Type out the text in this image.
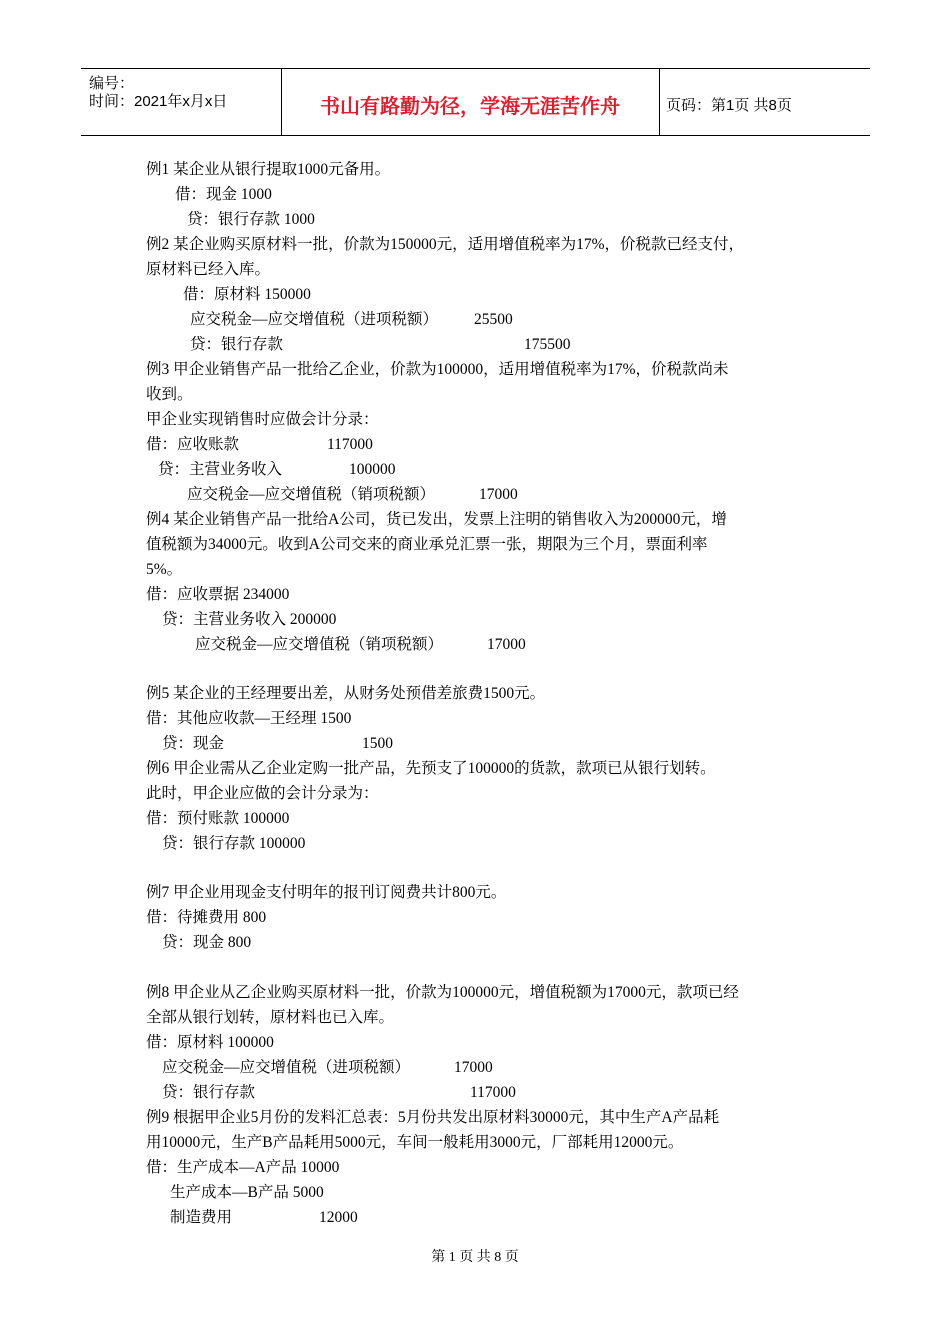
编号：
时间：2021年x月x日	书山有路勤为径，学海无涯苦作舟	页码：第1页 共8页
例1 某企业从银行提取1000元备用。
借：现金 1000
贷：银行存款 1000
例2 某企业购买原材料一批，价款为150000元，适用增值税率为17%，价税款已经支付，
原材料已经入库。
借：原材料 150000
应交税金—应交增值税（进项税额） 25500
贷：银行存款	175500
例3 甲企业销售产品一批给乙企业，价款为100000，适用增值税率为17%，价税款尚未
收到。
甲企业实现销售时应做会计分录：
借：应收账款	117000
贷：主营业务收入	100000
应交税金—应交增值税（销项税额）	17000
例4 某企业销售产品一批给A公司，货已发出，发票上注明的销售收入为200000元，增
值税额为34000元。收到A公司交来的商业承兑汇票一张，期限为三个月，票面利率
5%。
借：应收票据 234000
贷：主营业务收入 200000
应交税金—应交增值税（销项税额）	17000
例5 某企业的王经理要出差，从财务处预借差旅费1500元。
借：其他应收款—王经理 1500
贷：现金	1500
例6 甲企业需从乙企业定购一批产品，先预支了100000的货款，款项已从银行划转。
此时，甲企业应做的会计分录为：
借：预付账款 100000
贷：银行存款 100000
例7 甲企业用现金支付明年的报刊订阅费共计800元。
借：待摊费用 800
贷：现金 800
例8 甲企业从乙企业购买原材料一批，价款为100000元，增值税额为17000元，款项已经
全部从银行划转，原材料也已入库。
借：原材料 100000
应交税金—应交增值税（进项税额）	17000
贷：银行存款	117000
例9 根据甲企业5月份的发料汇总表：5月份共发出原材料30000元，其中生产A产品耗
用10000元，生产B产品耗用5000元，车间一般耗用3000元，厂部耗用12000元。
借：生产成本—A产品 10000
生产成本—B产品 5000
制造费用	12000
第 1 页 共 8 页
